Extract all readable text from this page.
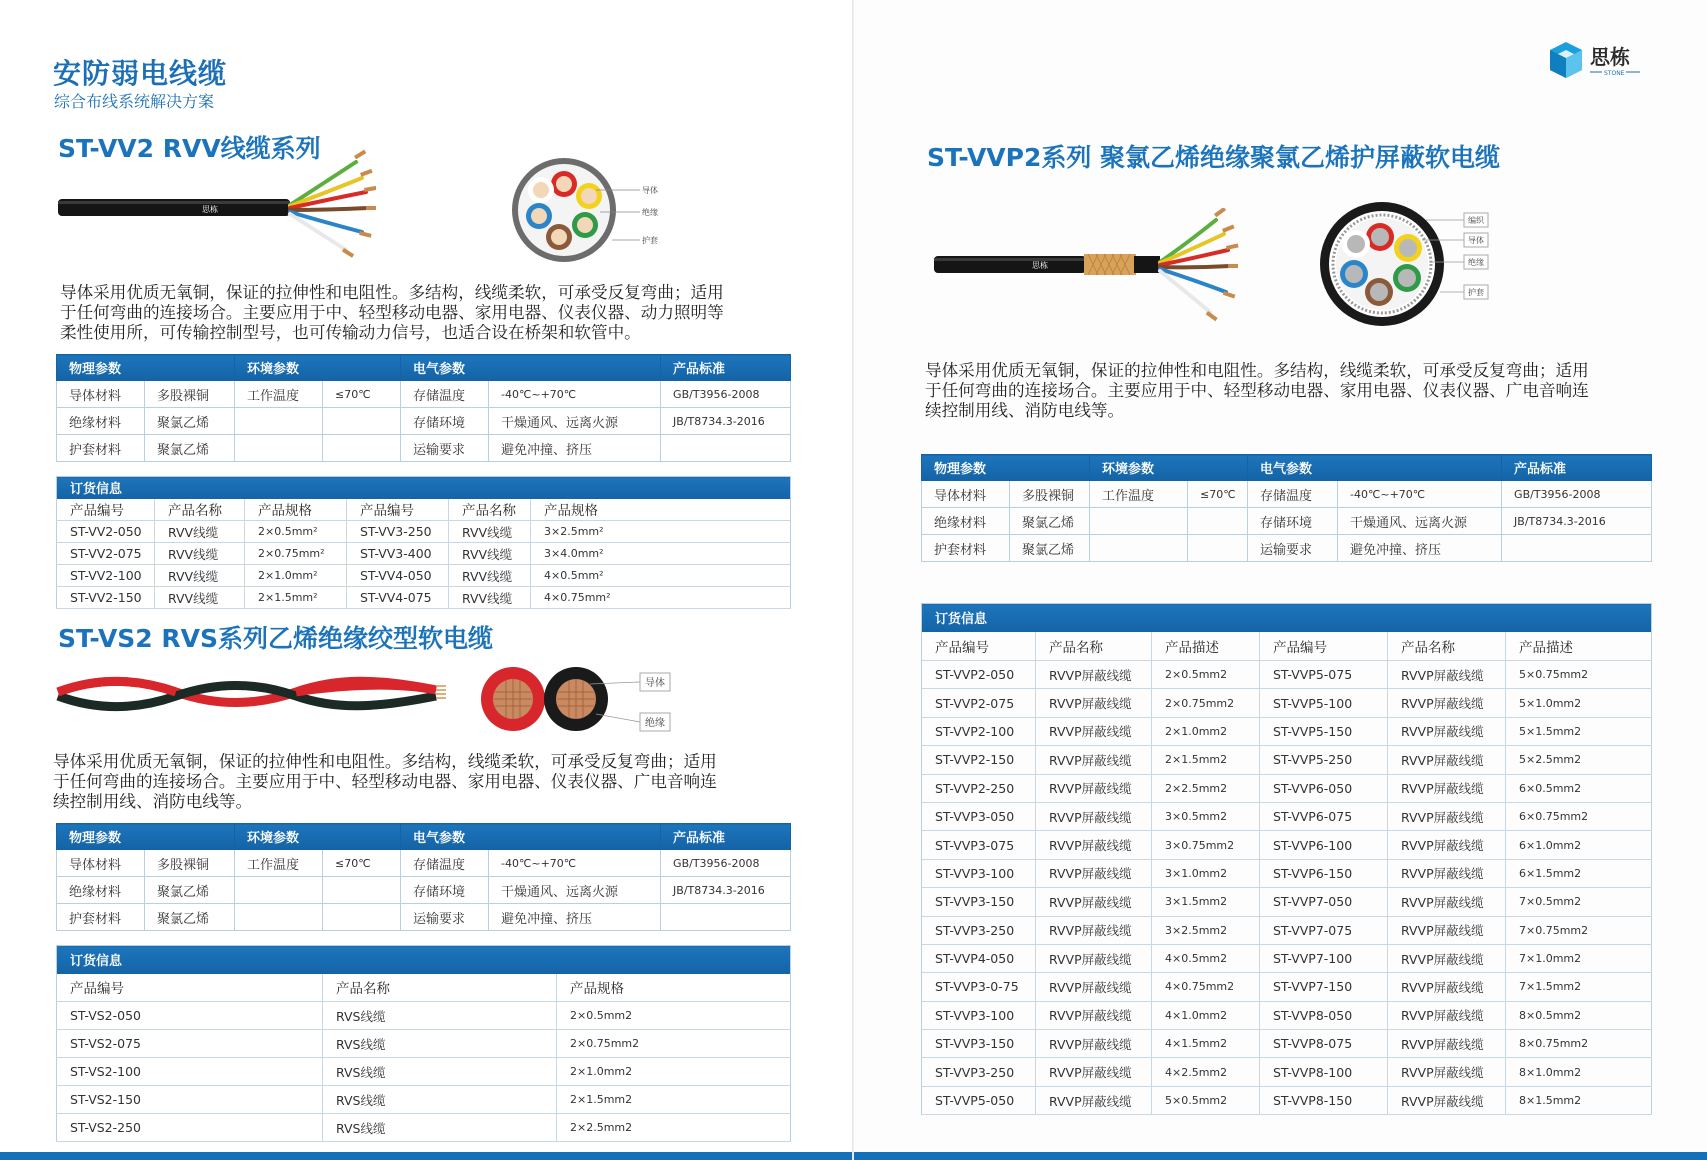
安防弱电线缆
综合布线系统解决方案
ST-VV2 RVV线缆系列
思栋
导体
绝缘
护套

导体采用优质无氧铜，保证的拉伸性和电阻性。多结构，线缆柔软，可承受反复弯曲；适用

于任何弯曲的连接场合。主要应用于中、轻型移动电器、家用电器、仪表仪器、动力照明等

柔性使用所，可传输控制型号，也可传输动力信号，也适合设在桥架和软管中。

物理参数		环境参数		电气参数		产品标准
导体材料	多股裸铜	工作温度	≤70℃	存储温度	-40℃~+70℃	GB/T3956-2008
绝缘材料	聚氯乙烯			存储环境	干燥通风、远离火源	JB/T8734.3-2016
护套材料	聚氯乙烯			运输要求	避免冲撞、挤压	
订货信息					
产品编号	产品名称	产品规格	产品编号	产品名称	产品规格
ST-VV2-050	RVV线缆	2×0.5mm²	ST-VV3-250	RVV线缆	3×2.5mm²
ST-VV2-075	RVV线缆	2×0.75mm²	ST-VV3-400	RVV线缆	3×4.0mm²
ST-VV2-100	RVV线缆	2×1.0mm²	ST-VV4-050	RVV线缆	4×0.5mm²
ST-VV2-150	RVV线缆	2×1.5mm²	ST-VV4-075	RVV线缆	4×0.75mm²
ST-VS2 RVS系列乙烯绝缘绞型软电缆
导体
绝缘

导体采用优质无氧铜，保证的拉伸性和电阻性。多结构，线缆柔软，可承受反复弯曲；适用

于任何弯曲的连接场合。主要应用于中、轻型移动电器、家用电器、仪表仪器、广电音响连

续控制用线、消防电线等。

物理参数		环境参数		电气参数		产品标准
导体材料	多股裸铜	工作温度	≤70℃	存储温度	-40℃~+70℃	GB/T3956-2008
绝缘材料	聚氯乙烯			存储环境	干燥通风、远离火源	JB/T8734.3-2016
护套材料	聚氯乙烯			运输要求	避免冲撞、挤压	
订货信息		
产品编号	产品名称	产品规格
ST-VS2-050	RVS线缆	2×0.5mm2
ST-VS2-075	RVS线缆	2×0.75mm2
ST-VS2-100	RVS线缆	2×1.0mm2
ST-VS2-150	RVS线缆	2×1.5mm2
ST-VS2-250	RVS线缆	2×2.5mm2
思栋
STONE
ST-VVP2系列 聚氯乙烯绝缘聚氯乙烯护屏蔽软电缆
思栋
编织
导体
绝缘
护套

导体采用优质无氧铜，保证的拉伸性和电阻性。多结构，线缆柔软，可承受反复弯曲；适用

于任何弯曲的连接场合。主要应用于中、轻型移动电器、家用电器、仪表仪器、广电音响连

续控制用线、消防电线等。

物理参数		环境参数		电气参数		产品标准
导体材料	多股裸铜	工作温度	≤70℃	存储温度	-40℃~+70℃	GB/T3956-2008
绝缘材料	聚氯乙烯			存储环境	干燥通风、远离火源	JB/T8734.3-2016
护套材料	聚氯乙烯			运输要求	避免冲撞、挤压	
订货信息					
产品编号	产品名称	产品描述	产品编号	产品名称	产品描述
ST-VVP2-050	RVVP屏蔽线缆	2×0.5mm2	ST-VVP5-075	RVVP屏蔽线缆	5×0.75mm2
ST-VVP2-075	RVVP屏蔽线缆	2×0.75mm2	ST-VVP5-100	RVVP屏蔽线缆	5×1.0mm2
ST-VVP2-100	RVVP屏蔽线缆	2×1.0mm2	ST-VVP5-150	RVVP屏蔽线缆	5×1.5mm2
ST-VVP2-150	RVVP屏蔽线缆	2×1.5mm2	ST-VVP5-250	RVVP屏蔽线缆	5×2.5mm2
ST-VVP2-250	RVVP屏蔽线缆	2×2.5mm2	ST-VVP6-050	RVVP屏蔽线缆	6×0.5mm2
ST-VVP3-050	RVVP屏蔽线缆	3×0.5mm2	ST-VVP6-075	RVVP屏蔽线缆	6×0.75mm2
ST-VVP3-075	RVVP屏蔽线缆	3×0.75mm2	ST-VVP6-100	RVVP屏蔽线缆	6×1.0mm2
ST-VVP3-100	RVVP屏蔽线缆	3×1.0mm2	ST-VVP6-150	RVVP屏蔽线缆	6×1.5mm2
ST-VVP3-150	RVVP屏蔽线缆	3×1.5mm2	ST-VVP7-050	RVVP屏蔽线缆	7×0.5mm2
ST-VVP3-250	RVVP屏蔽线缆	3×2.5mm2	ST-VVP7-075	RVVP屏蔽线缆	7×0.75mm2
ST-VVP4-050	RVVP屏蔽线缆	4×0.5mm2	ST-VVP7-100	RVVP屏蔽线缆	7×1.0mm2
ST-VVP3-0-75	RVVP屏蔽线缆	4×0.75mm2	ST-VVP7-150	RVVP屏蔽线缆	7×1.5mm2
ST-VVP3-100	RVVP屏蔽线缆	4×1.0mm2	ST-VVP8-050	RVVP屏蔽线缆	8×0.5mm2
ST-VVP3-150	RVVP屏蔽线缆	4×1.5mm2	ST-VVP8-075	RVVP屏蔽线缆	8×0.75mm2
ST-VVP3-250	RVVP屏蔽线缆	4×2.5mm2	ST-VVP8-100	RVVP屏蔽线缆	8×1.0mm2
ST-VVP5-050	RVVP屏蔽线缆	5×0.5mm2	ST-VVP8-150	RVVP屏蔽线缆	8×1.5mm2
